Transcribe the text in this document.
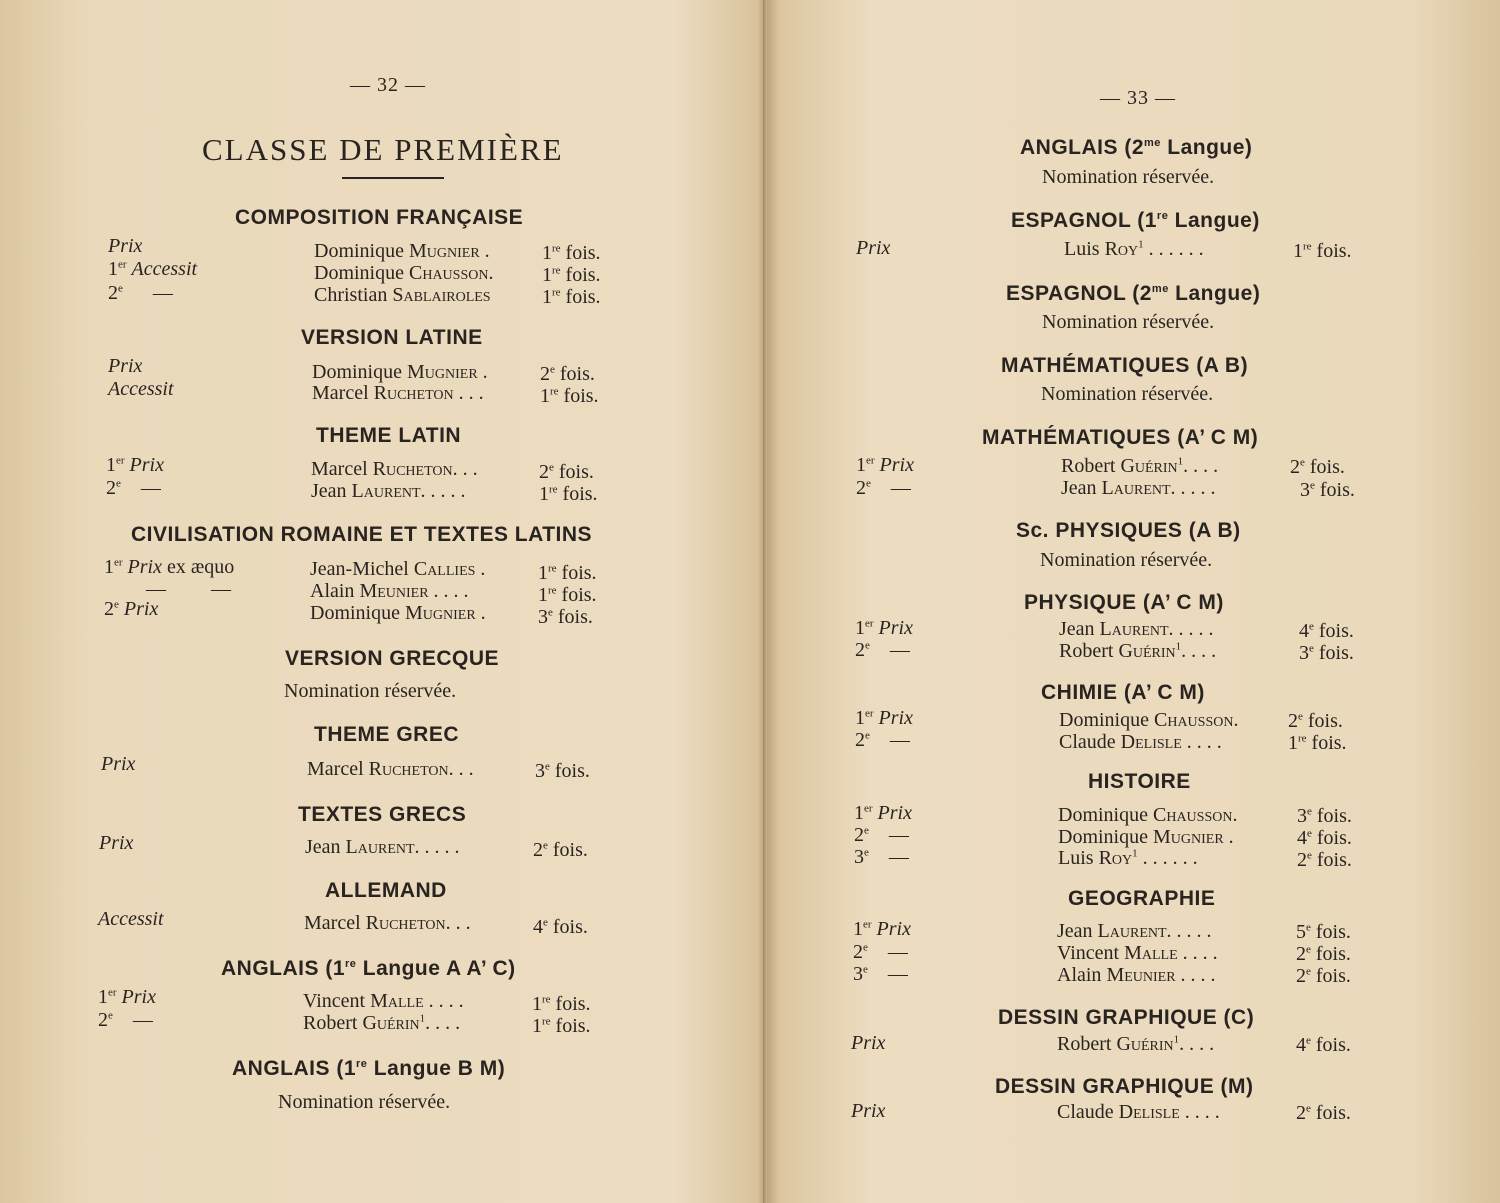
— 32 —
CLASSE DE PREMIÈRE
COMPOSITION FRANÇAISE
Prix	Dominique Mugnier .	1re fois.
1er Accessit	Dominique Chausson. 1re fois.
2e —	Christian Sablairoles	1re fois.
VERSION LATINE
Prix	Dominique Mugnier .	2e fois.
Accessit	Marcel Rucheton . . .	1re fois.
THEME LATIN
1er Prix	Marcel Rucheton. . .	2e fois.
2e —	Jean Laurent. . . . .	1re fois.
CIVILISATION ROMAINE ET TEXTES LATINS
1er Prix ex æquo	Jean-Michel Callies .	1re fois.
— —	Alain Meunier . . . .	1re fois.
2e Prix	Dominique Mugnier .	3e fois.
VERSION GRECQUE
Nomination réservée.
THEME GREC
Prix	Marcel Rucheton. . .	3e fois.
TEXTES GRECS
Prix	Jean Laurent. . . . .	2e fois.
ALLEMAND
Accessit	Marcel Rucheton. . .	4e fois.
ANGLAIS (1re Langue A A’ C)
1er Prix	Vincent Malle . . . .	1re fois.
2e —	Robert Guérin$^1$. . . .	1re fois.
ANGLAIS (1re Langue B M)
Nomination réservée.
— 33 —
ANGLAIS ($2^{me}$ Langue)
Nomination réservée.
ESPAGNOL (1re Langue)
Prix	Luis Roy$^1$ . . . . . .	1re fois.
ESPAGNOL ($2^{me}$ Langue)
Nomination réservée.
MATHÉMATIQUES (A B)
Nomination réservée.
MATHÉMATIQUES (A’ C M)
1er Prix	Robert Guérin$^1$. . . .	2e fois.
2e —	Jean Laurent. . . . .	3e fois.
Sc. PHYSIQUES (A B)
Nomination réservée.
PHYSIQUE (A’ C M)
1er Prix	Jean Laurent. . . . .	4e fois.
2e —	Robert Guérin$^1$. . . .	3e fois.
CHIMIE (A’ C M)
1er Prix	Dominique Chausson. 2e fois.
2e —	Claude Delisle . . . .	1re fois.
HISTOIRE
1er Prix	Dominique Chausson.	3e fois.
2e —	Dominique Mugnier .	4e fois.
3e —	Luis Roy$^1$ . . . . . .	2e fois.
GEOGRAPHIE
1er Prix	Jean Laurent. . . . .	5e fois.
2e —	Vincent Malle . . . .	2e fois.
3e —	Alain Meunier . . . .	2e fois.
DESSIN GRAPHIQUE (C)
Prix	Robert Guérin$^1$. . . .	4e fois.
DESSIN GRAPHIQUE (M)
Prix	Claude Delisle . . . .	2e fois.
